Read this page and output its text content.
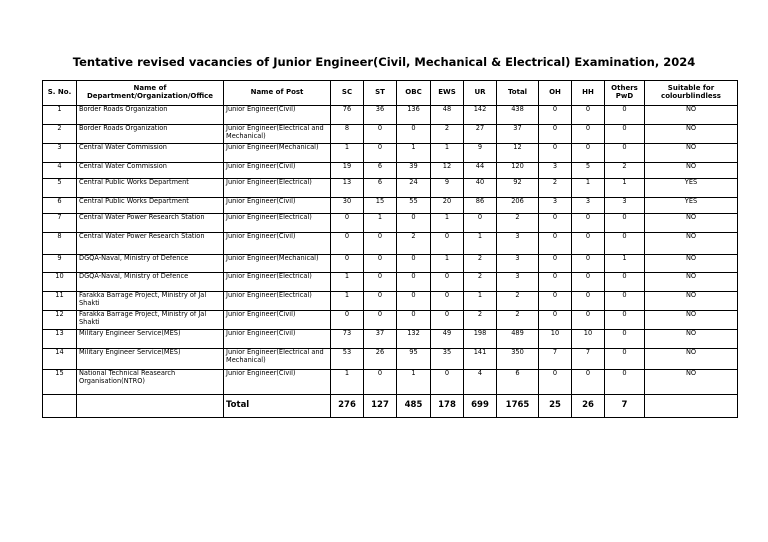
Tentative revised vacancies of Junior Engineer(Civil, Mechanical & Electrical) Examination, 2024
S. No.	Name of Department/Organization/Office	Name of Post	SC	ST	OBC	EWS	UR	Total	OH	HH	Others PwD	Suitable for colourblindless
1	Border Roads Organization	Junior Engineer(Civil)	76	36	136	48	142	438	0	0	0	NO
2	Border Roads Organization	Junior Engineer(Electrical and Mechanical)	8	0	0	2	27	37	0	0	0	NO
3	Central Water Commission	Junior Engineer(Mechanical)	1	0	1	1	9	12	0	0	0	NO
4	Central Water Commission	Junior Engineer(Civil)	19	6	39	12	44	120	3	5	2	NO
5	Central Public Works Department	Junior Engineer(Electrical)	13	6	24	9	40	92	2	1	1	YES
6	Central Public Works Department	Junior Engineer(Civil)	30	15	55	20	86	206	3	3	3	YES
7	Central Water Power Research Station	Junior Engineer(Electrical)	0	1	0	1	0	2	0	0	0	NO
8	Central Water Power Research Station	Junior Engineer(Civil)	0	0	2	0	1	3	0	0	0	NO
9	DGQA-Naval, Ministry of Defence	Junior Engineer(Mechanical)	0	0	0	1	2	3	0	0	1	NO
10	DGQA-Naval, Ministry of Defence	Junior Engineer(Electrical)	1	0	0	0	2	3	0	0	0	NO
11	Farakka Barrage Project, Ministry of Jal Shakti	Junior Engineer(Electrical)	1	0	0	0	1	2	0	0	0	NO
12	Farakka Barrage Project, Ministry of Jal Shakti	Junior Engineer(Civil)	0	0	0	0	2	2	0	0	0	NO
13	Military Engineer Service(MES)	Junior Engineer(Civil)	73	37	132	49	198	489	10	10	0	NO
14	Military Engineer Service(MES)	Junior Engineer(Electrical and Mechanical)	53	26	95	35	141	350	7	7	0	NO
15	National Technical Reasearch Organisation(NTRO)	Junior Engineer(Civil)	1	0	1	0	4	6	0	0	0	NO
		Total	276	127	485	178	699	1765	25	26	7	
